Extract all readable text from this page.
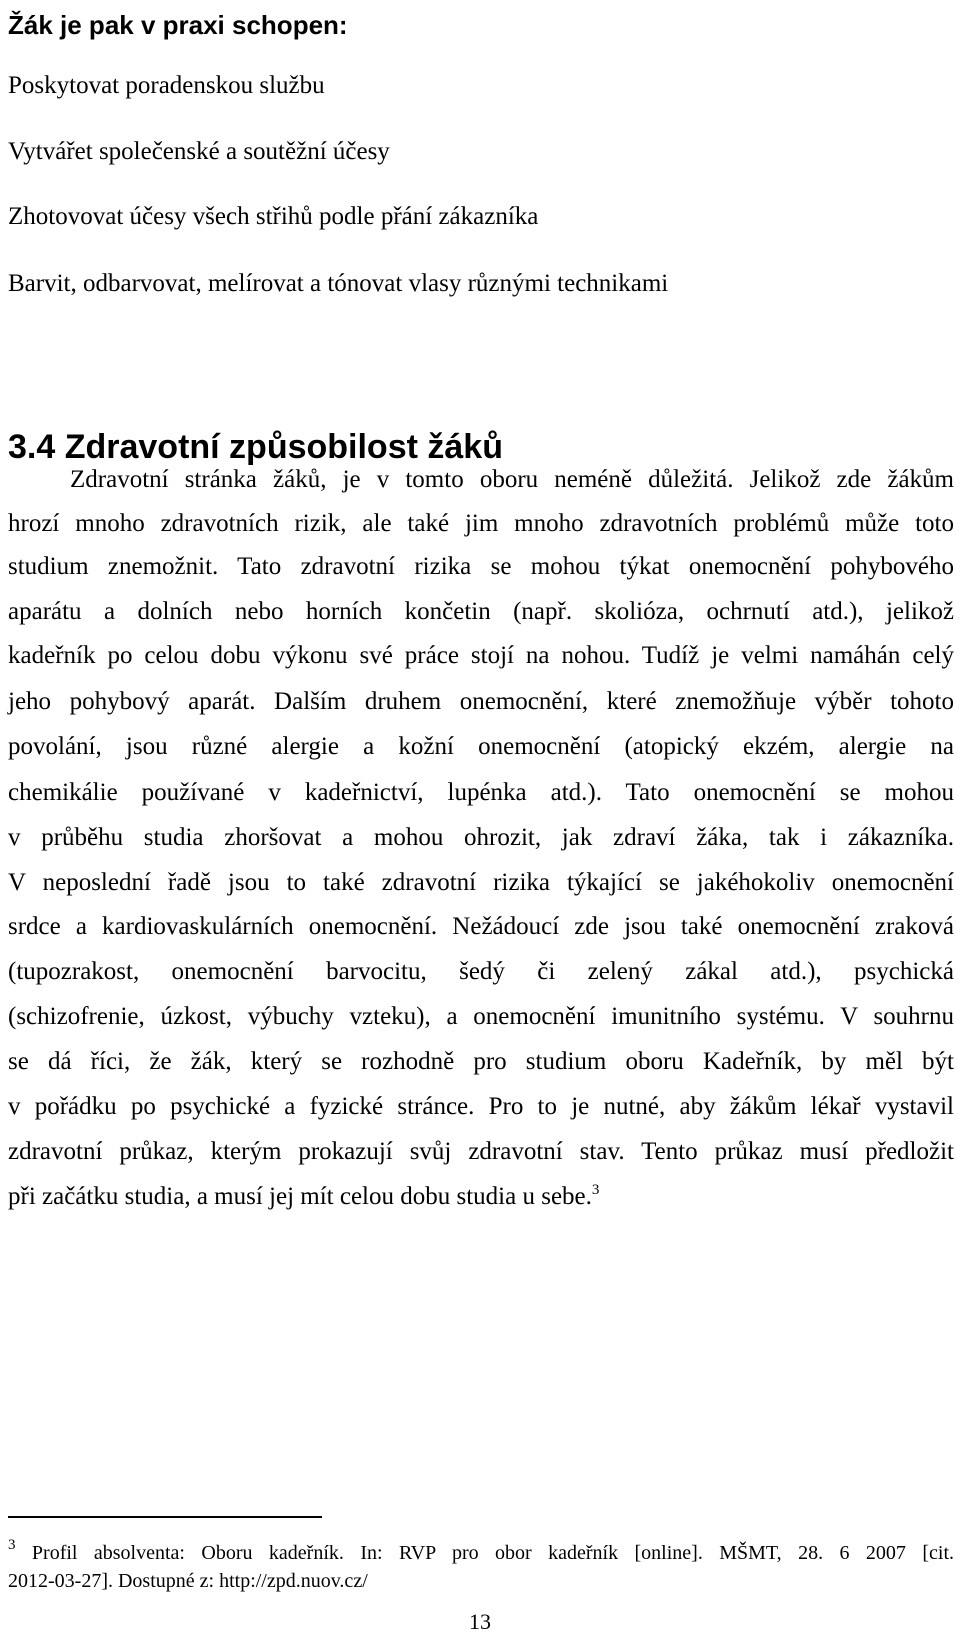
Žák je pak v praxi schopen:
Poskytovat poradenskou službu
Vytvářet společenské a soutěžní účesy
Zhotovovat účesy všech střihů podle přání zákazníka
Barvit, odbarvovat, melírovat a tónovat vlasy různými technikami
3.4 Zdravotní způsobilost žáků
Zdravotní stránka žáků, je v tomto oboru neméně důležitá. Jelikož zde žákům
hrozí mnoho zdravotních rizik, ale také jim mnoho zdravotních problémů může toto
studium znemožnit. Tato zdravotní rizika se mohou týkat onemocnění pohybového
aparátu a dolních nebo horních končetin (např. skolióza, ochrnutí atd.), jelikož
kadeřník po celou dobu výkonu své práce stojí na nohou. Tudíž je velmi namáhán celý
jeho pohybový aparát. Dalším druhem onemocnění, které znemožňuje výběr tohoto
povolání, jsou různé alergie a kožní onemocnění (atopický ekzém, alergie na
chemikálie používané v kadeřnictví, lupénka atd.). Tato onemocnění se mohou
v průběhu studia zhoršovat a mohou ohrozit, jak zdraví žáka, tak i zákazníka.
V neposlední řadě jsou to také zdravotní rizika týkající se jakéhokoliv onemocnění
srdce a kardiovaskulárních onemocnění. Nežádoucí zde jsou také onemocnění zraková
(tupozrakost, onemocnění barvocitu, šedý či zelený zákal atd.), psychická
(schizofrenie, úzkost, výbuchy vzteku), a onemocnění imunitního systému. V souhrnu
se dá říci, že žák, který se rozhodně pro studium oboru Kadeřník, by měl být
v pořádku po psychické a fyzické stránce. Pro to je nutné, aby žákům lékař vystavil
zdravotní průkaz, kterým prokazují svůj zdravotní stav. Tento průkaz musí předložit
při začátku studia, a musí jej mít celou dobu studia u sebe.$^3$
$^3$ Profil absolventa: Oboru kadeřník. In: RVP pro obor kadeřník [online]. MŠMT, 28. 6 2007 [cit.
2012-03-27]. Dostupné z: http://zpd.nuov.cz/
13
